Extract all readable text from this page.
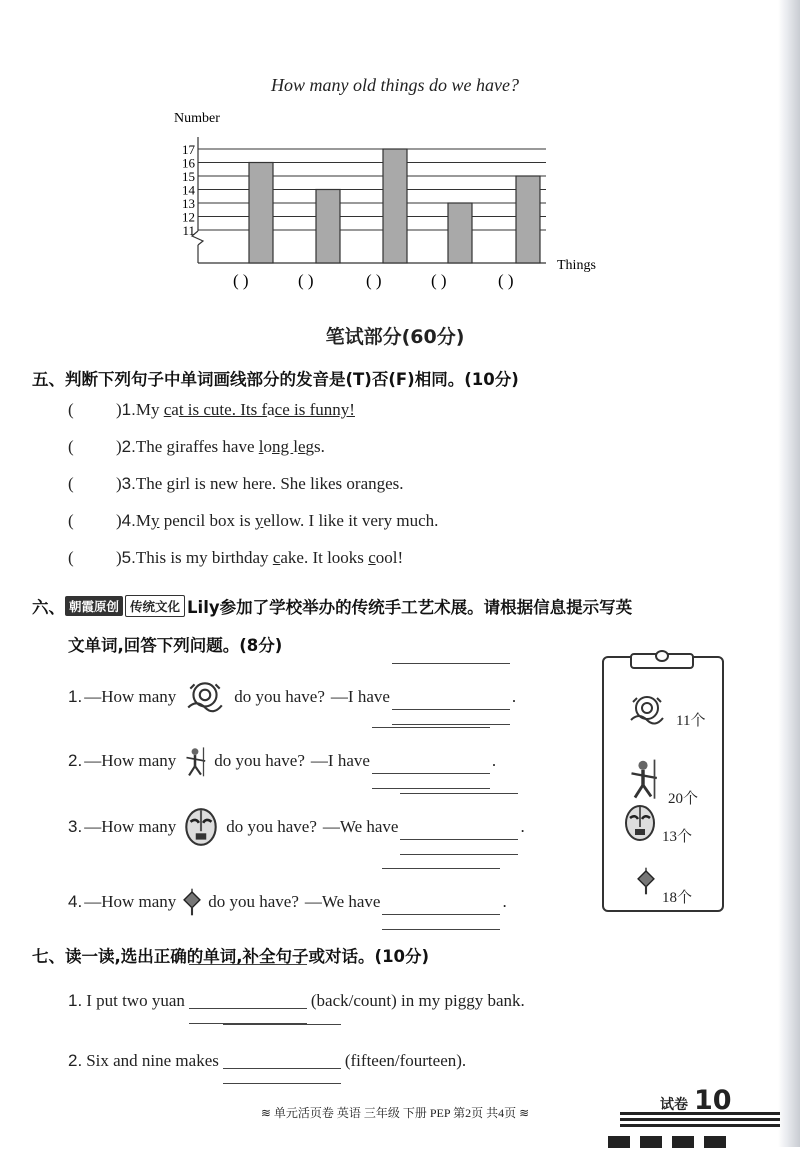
How many old things do we have?
Number
11
12
13
14
15
16
17
Things
( )	( )	( )	( )	( )
笔试部分(60分)
五、判断下列句子中单词画线部分的发音是(T)否(F)相同。(10分)
( )1.My cat is cute. Its face is funny!
( )2.The giraffes have long legs.
( )3.The girl is new here. She likes oranges.
( )4.My pencil box is yellow. I like it very much.
( )5.This is my birthday cake. It looks cool!
六、 朝霞原创 传统文化 Lily参加了学校举办的传统手工艺术展。请根据信息提示写英
文单词,回答下列问题。(8分)
1. —How many	do you have? —I have	.
2. —How many do you have? —I have	.
3. —How many	do you have? —We have	.
4. —How many do you have? —We have	.
11个
20个
13个
18个
七、读一读,选出正确的单词,补全句子或对话。(10分)
1. I put two yuan	(back/count) in my piggy bank.
2. Six and nine makes	(fifteen/fourteen).
≋ 单元活页卷 英语 三年级 下册 PEP 第2页 共4页 ≋	试卷 10
